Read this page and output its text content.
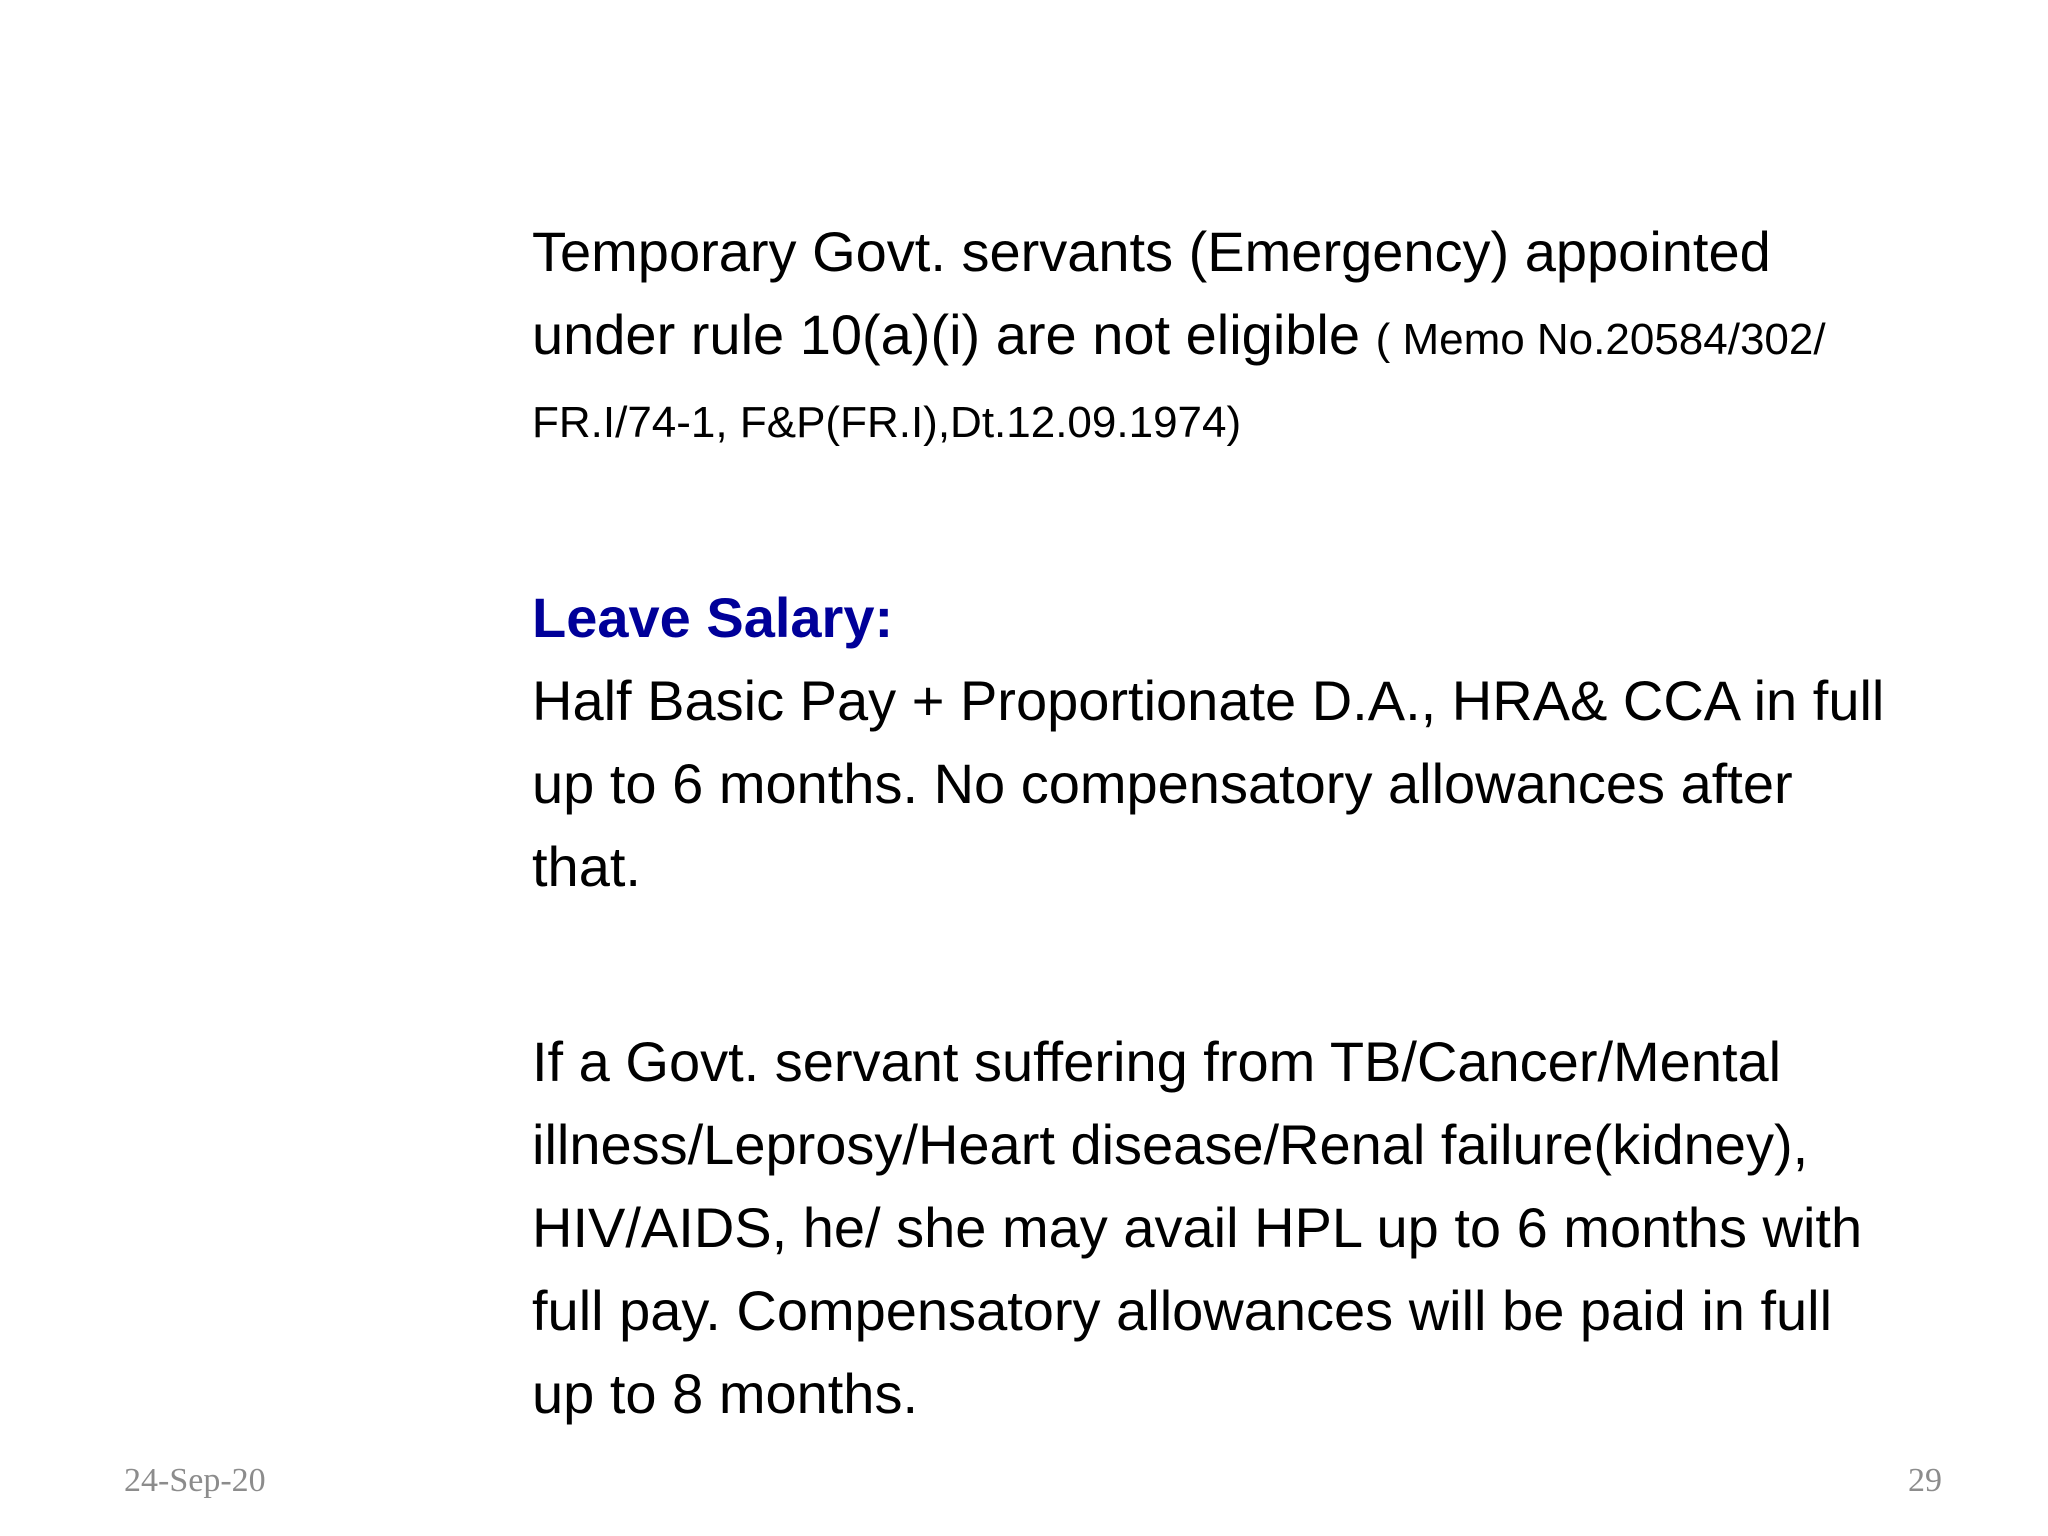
Temporary Govt. servants (Emergency) appointed
under rule 10(a)(i) are not eligible ( Memo No.20584/302/
FR.I/74-1, F&P(FR.I),Dt.12.09.1974)

Leave Salary:

Half Basic Pay + Proportionate D.A., HRA& CCA in full
up to 6 months. No compensatory allowances after
that.

If a Govt. servant suffering from TB/Cancer/Mental
illness/Leprosy/Heart disease/Renal failure(kidney),
HIV/AIDS, he/ she may avail HPL up to 6 months with
full pay. Compensatory allowances will be paid in full
up to 8 months.

24-Sep-20	29
